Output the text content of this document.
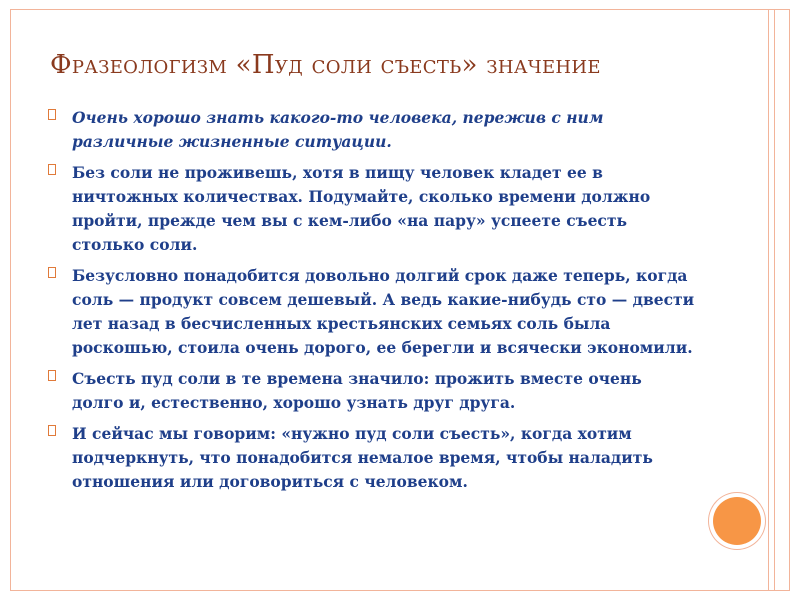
Фразеологизм «Пуд соли съесть» значение
Очень хорошо знать какого-то человека, пережив с ним различные жизненные ситуации.
Без соли не проживешь, хотя в пищу человек кладет ее в ничтожных количествах. Подумайте, сколько времени должно пройти, прежде чем вы с кем-либо «на пару» успеете съесть столько соли.
Безусловно понадобится довольно долгий срок даже теперь, когда соль — продукт совсем дешевый. А ведь какие-нибудь сто — двести лет назад в бесчисленных крестьянских семьях соль была роскошью, стоила очень дорого, ее берегли и всячески экономили.
Съесть пуд соли в те времена значило: прожить вместе очень долго и, естественно, хорошо узнать друг друга.
И сейчас мы говорим: «нужно пуд соли съесть», когда хотим подчеркнуть, что понадобится немалое время, чтобы наладить отношения или договориться с человеком.
